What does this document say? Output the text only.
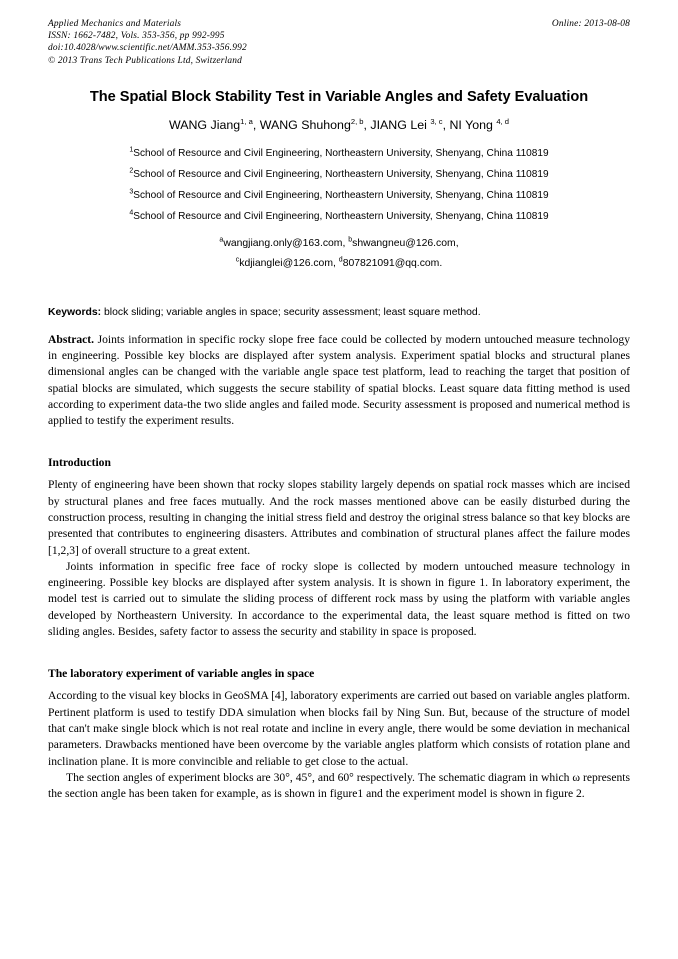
Applied Mechanics and Materials
ISSN: 1662-7482, Vols. 353-356, pp 992-995
doi:10.4028/www.scientific.net/AMM.353-356.992
© 2013 Trans Tech Publications Ltd, Switzerland
Online: 2013-08-08
The Spatial Block Stability Test in Variable Angles and Safety Evaluation
WANG Jiang$^{1, a}$, WANG Shuhong$^{2, b}$, JIANG Lei $^{3, c}$, NI Yong $^{4, d}$
$^1$School of Resource and Civil Engineering, Northeastern University, Shenyang, China 110819
$^2$School of Resource and Civil Engineering, Northeastern University, Shenyang, China 110819
$^3$School of Resource and Civil Engineering, Northeastern University, Shenyang, China 110819
$^4$School of Resource and Civil Engineering, Northeastern University, Shenyang, China 110819
$^a$wangjiang.only@163.com, $^b$shwangneu@126.com,
$^c$kdjianglei@126.com, $^d$807821091@qq.com.
Keywords: block sliding; variable angles in space; security assessment; least square method.
Abstract. Joints information in specific rocky slope free face could be collected by modern untouched measure technology in engineering. Possible key blocks are displayed after system analysis. Experiment spatial blocks and structural planes dimensional angles can be changed with the variable angle space test platform, lead to reaching the target that position of spatial blocks are simulated, which suggests the secure stability of spatial blocks. Least square data fitting method is used according to experiment data-the two slide angles and failed mode. Security assessment is proposed and numerical method is applied to testify the experiment results.
Introduction
Plenty of engineering have been shown that rocky slopes stability largely depends on spatial rock masses which are incised by structural planes and free faces mutually. And the rock masses mentioned above can be easily disturbed during the construction process, resulting in changing the initial stress field and destroy the original stress balance so that key blocks are presented that contributes to engineering disasters. Attributes and combination of structural planes affect the failure modes [1,2,3] of overall structure to a great extent.
Joints information in specific free face of rocky slope is collected by modern untouched measure technology in engineering. Possible key blocks are displayed after system analysis. It is shown in figure 1. In laboratory experiment, the model test is carried out to simulate the sliding process of different rock mass by using the platform with variable angles developed by Northeastern University. In accordance to the experimental data, the least square method is fitted on two sliding angles. Besides, safety factor to assess the security and stability in space is proposed.
The laboratory experiment of variable angles in space
According to the visual key blocks in GeoSMA [4], laboratory experiments are carried out based on variable angles platform. Pertinent platform is used to testify DDA simulation when blocks fail by Ning Sun. But, because of the structure of model that can't make single block which is not real rotate and incline in every angle, there would be some deviation in mechanical parameters. Drawbacks mentioned have been overcome by the variable angles platform which consists of rotation plane and inclination plane. It is more convincible and reliable to get close to the actual.
The section angles of experiment blocks are 30°, 45°, and 60° respectively. The schematic diagram in which ω represents the section angle has been taken for example, as is shown in figure1 and the experiment model is shown in figure 2.
